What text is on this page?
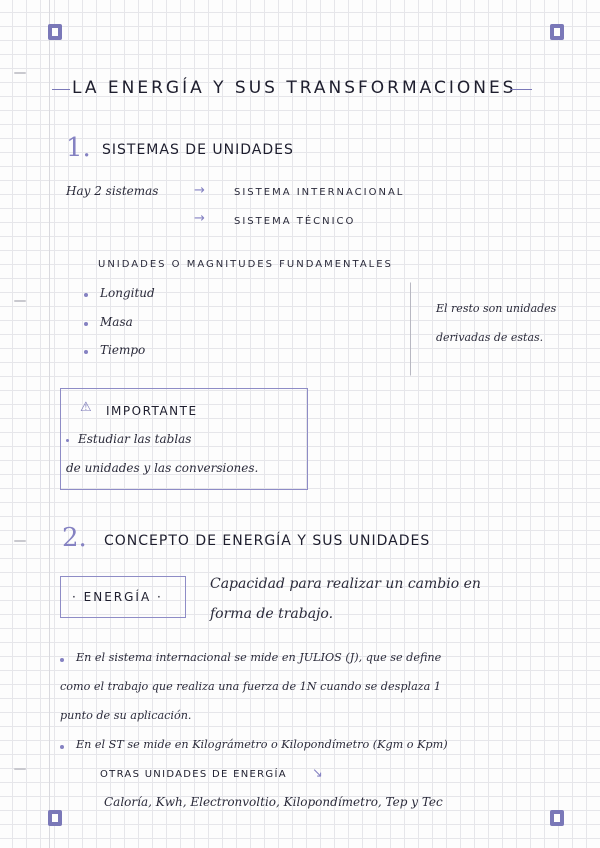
LA ENERGÍA Y SUS TRANSFORMACIONES
1. SISTEMAS DE UNIDADES
Hay 2 sistemas	→	SISTEMA INTERNACIONAL
→	SISTEMA TÉCNICO
UNIDADES O MAGNITUDES FUNDAMENTALES
Longitud
Masa
Tiempo
El resto son unidades
derivadas de estas.
⚠ IMPORTANTE
Estudiar las tablas
de unidades y las conversiones.
2. CONCEPTO DE ENERGÍA Y SUS UNIDADES
· ENERGÍA ·
Capacidad para realizar un cambio en
forma de trabajo.
En el sistema internacional se mide en JULIOS (J), que se define
como el trabajo que realiza una fuerza de 1N cuando se desplaza 1
punto de su aplicación.
En el ST se mide en Kilográmetro o Kilopondímetro (Kgm o Kpm)
OTRAS UNIDADES DE ENERGÍA ↘
Caloría, Kwh, Electronvoltio, Kilopondímetro, Tep y Tec
